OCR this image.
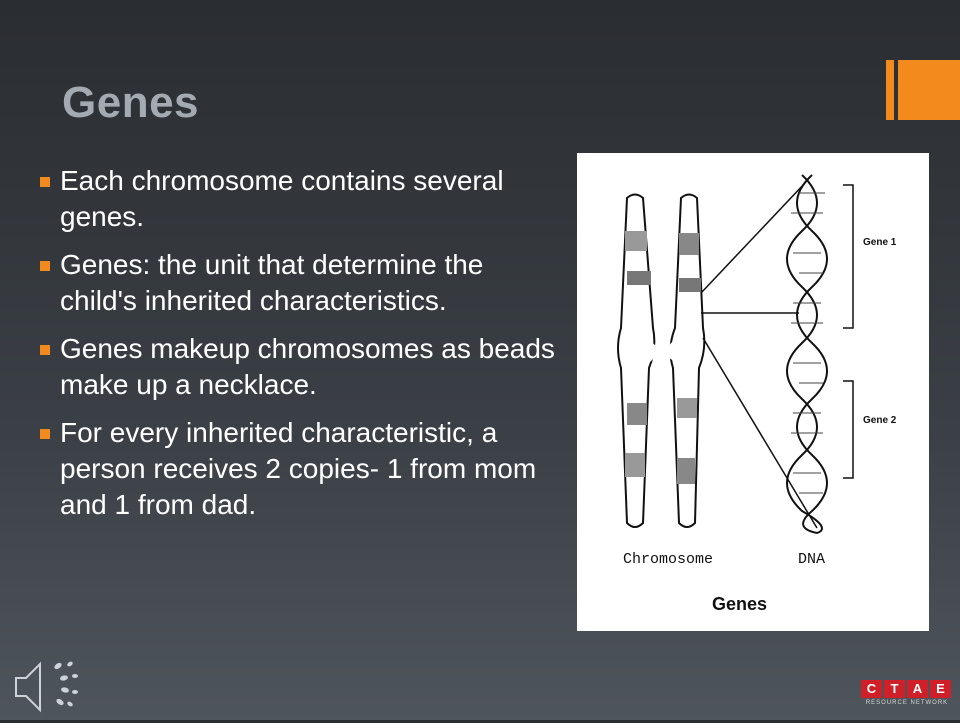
Genes
Each chromosome contains several genes.
Genes: the unit that determine the child's inherited characteristics.
Genes makeup chromosomes as beads make up a necklace.
For every inherited characteristic, a person receives 2 copies- 1 from mom and 1 from dad.
Gene 1
Gene 2
Chromosome	DNA
Genes
C	T	A	E
RESOURCE NETWORK
